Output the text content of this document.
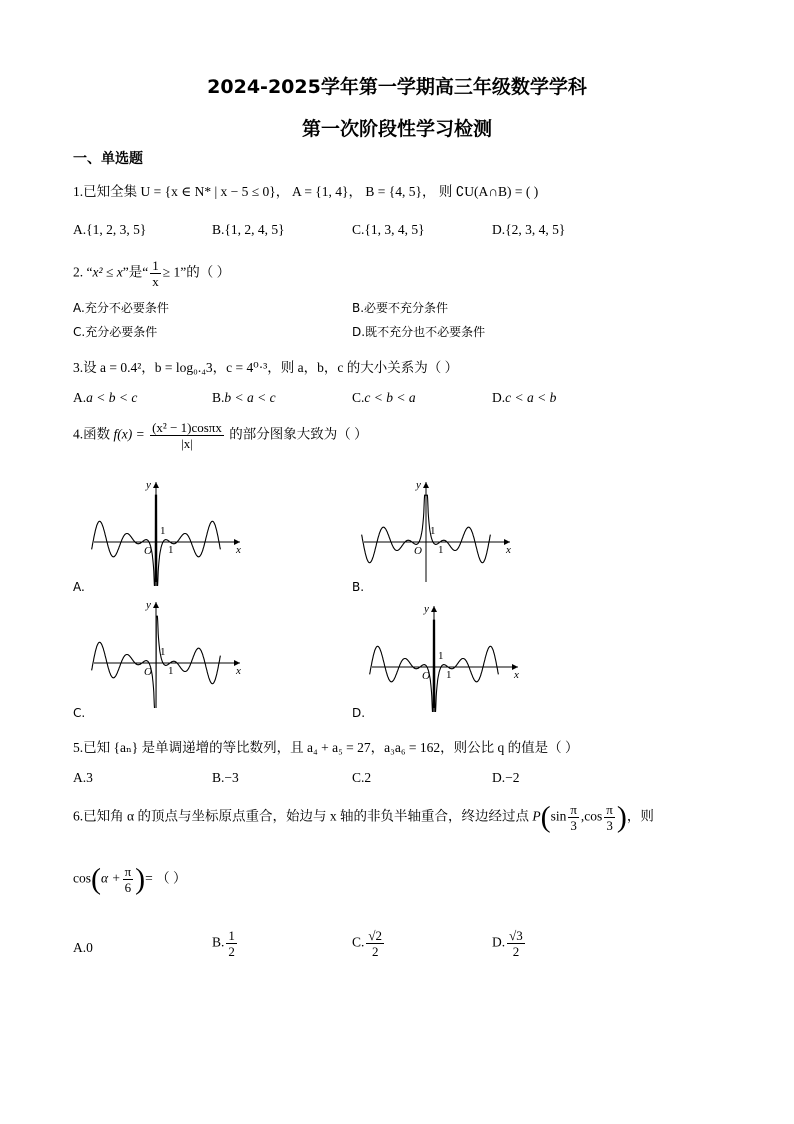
2024-2025学年第一学期高三年级数学学科
第一次阶段性学习检测
一、单选题
1.已知全集 U = {x ∈ N* | x − 5 ≤ 0}， A = {1, 4}， B = {4, 5}， 则 ∁U(A∩B) = ( )
A.{1, 2, 3, 5}	B.{1, 2, 4, 5}	C.{1, 3, 4, 5}	D.{2, 3, 4, 5}
2. “x² ≤ x”是“ $\frac{1}{x} \ge 1$”的（ ）
A.充分不必要条件	B.必要不充分条件
C.充分必要条件	D.既不充分也不必要条件
3.设 a = 0.4²，b = log₀.₄3，c = 4⁰·³，则 a，b，c 的大小关系为（ ）
A.a < b < c	B.b < a < c	C.c < b < a	D.c < a < b
4.函数 $f(x) = \frac{\text{(x² − 1)cosπx}}{|x|}$ 的部分图象大致为（ ）
y
x
O
1
1
A.
y
x
O
1
1
B.
y
x
O
1
1
C.
y
x
O
1
1
D.
5.已知 {aₙ} 是单调递增的等比数列，且 a₄ + a₅ = 27，a₃a₆ = 162，则公比 q 的值是（ ）
A.3	B.−3	C.2	D.−2
6.已知角 α 的顶点与坐标原点重合，始边与 x 轴的非负半轴重合，终边经过点 $P(\sin \frac{\pi}{3} ,\cos \frac{\pi}{3}$ )，则
$\cos(\alpha + \frac{\pi}{6}$ )= （ ）
A.0	B. $\frac{1}{2}$	C. $\frac{√2}{2}$	D. $\frac{√3}{2}$
